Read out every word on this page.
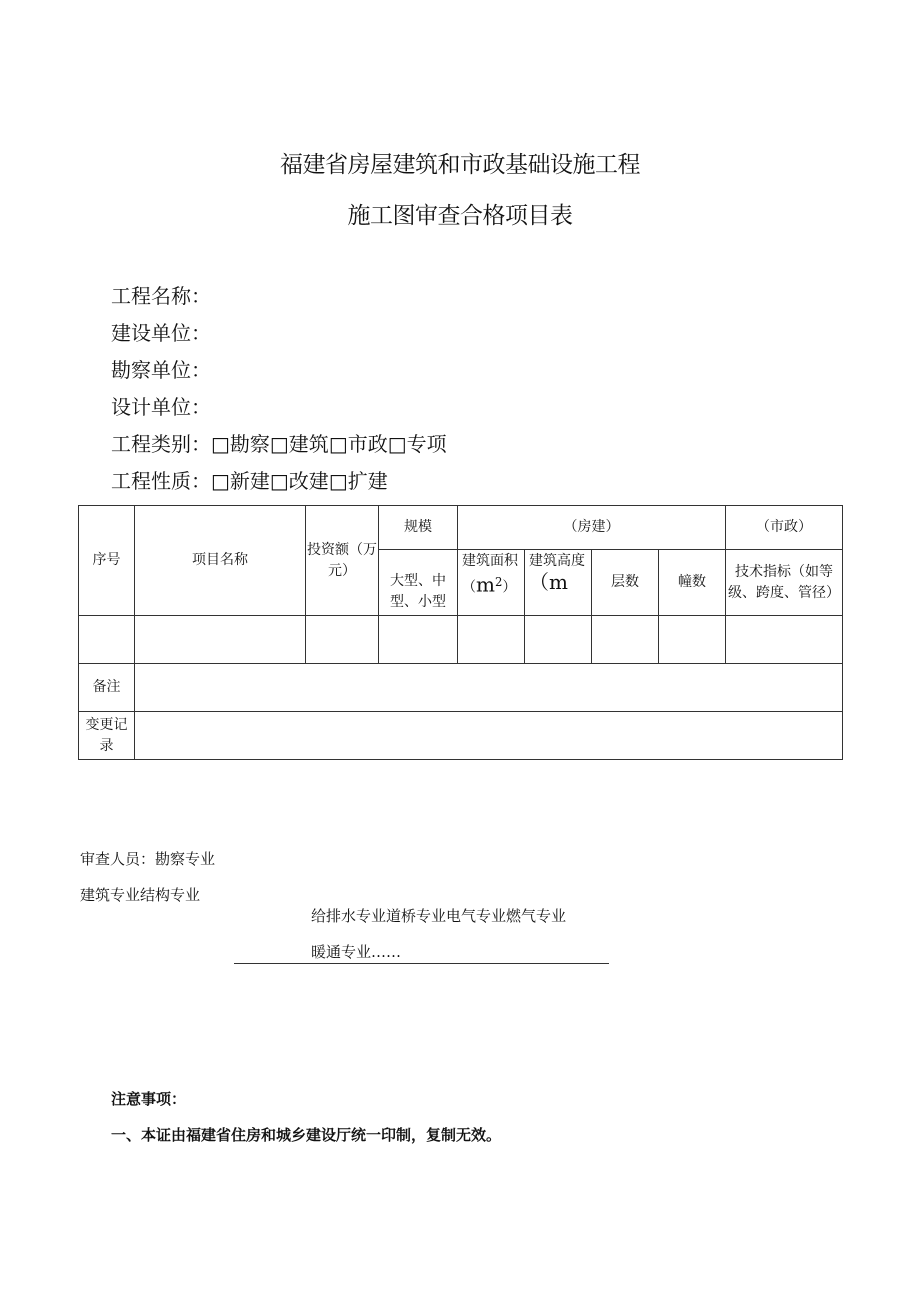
福建省房屋建筑和市政基础设施工程
施工图审查合格项目表
工程名称：
建设单位：
勘察单位：
设计单位：
工程类别：□勘察□建筑□市政□专项
工程性质：□新建□改建□扩建
序号	项目名称	投资额（万元）	规模	（房建）				（市政）
			大型、中型、小型	建筑面积$(m^2)$	建筑高度（m	层数	幢数	技术指标（如等级、跨度、管径）

备注								
变更记录								
审查人员：勘察专业
建筑专业结构专业
给排水专业道桥专业电气专业燃气专业
暖通专业……
注意事项：
一、本证由福建省住房和城乡建设厅统一印制，复制无效。
